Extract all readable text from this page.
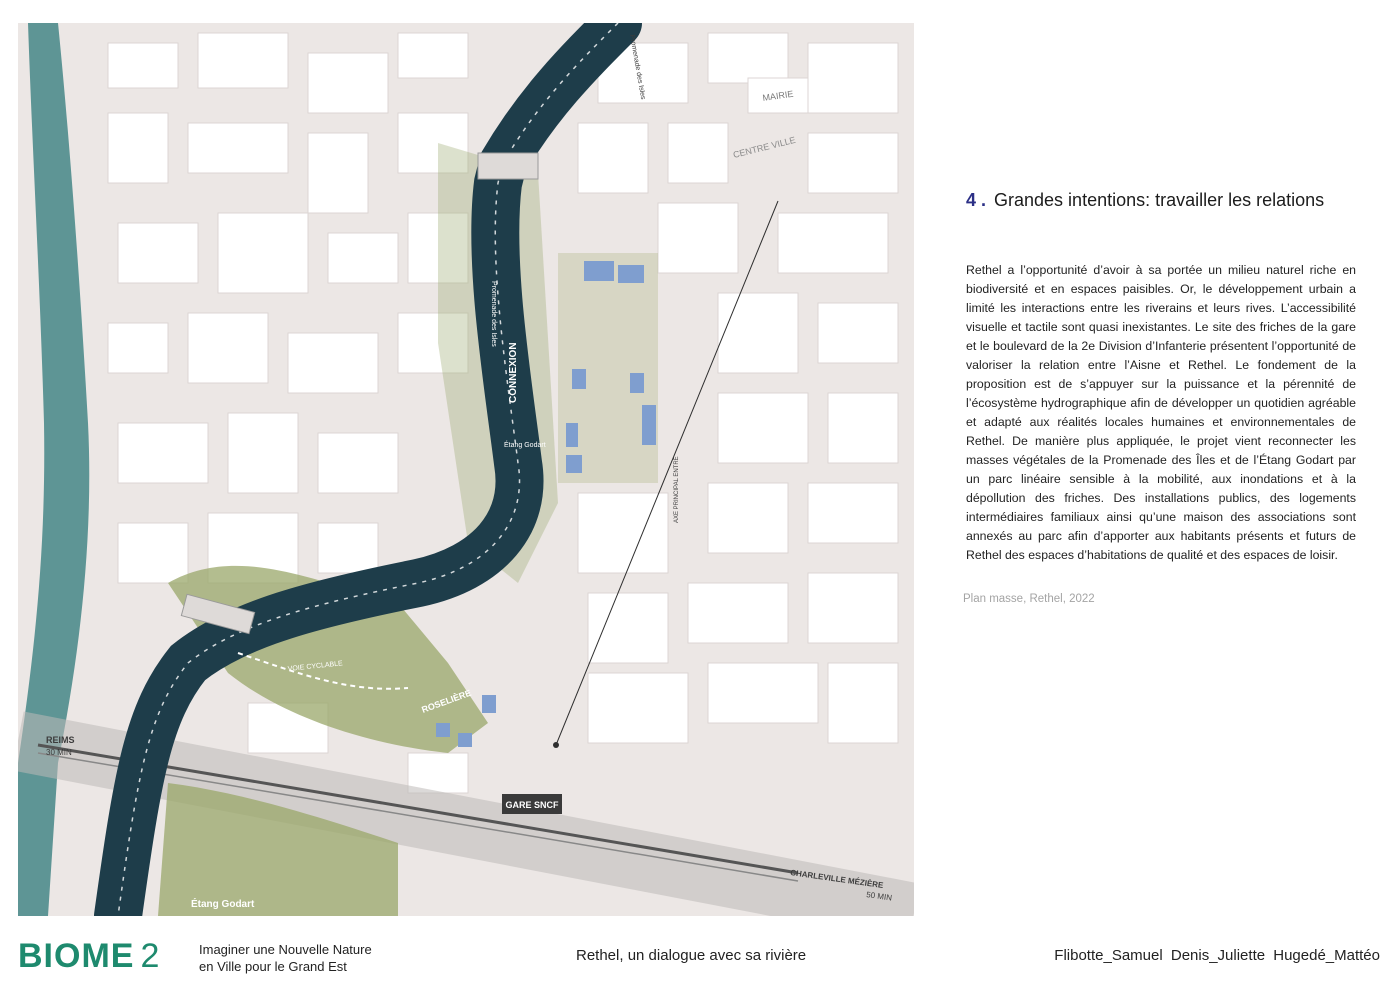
GARE SNCF
Promenade des Isles	MAIRIE
CENTRE VILLE
Promenade des Isles
CONNEXION
Étang Godart
AXE PRINCIPAL ENTRE
ROSELIÈRE
VOIE CYCLABLE
REIMS
30 MIN
CHARLEVILLE MÉZIÈRE
50 MIN
Étang Godart
4 . Grandes intentions: travailler les relations
Rethel a l’opportunité d’avoir à sa portée un milieu naturel riche en biodiversité et en espaces paisibles. Or, le développement urbain a limité les interactions entre les riverains et leurs rives. L’accessibilité visuelle et tactile sont quasi inexistantes. Le site des friches de la gare et le boulevard de la 2e Division d’Infanterie présentent l’opportunité de valoriser la relation entre l’Aisne et Rethel. Le fondement de la proposition est de s’appuyer sur la puissance et la pérennité de l’écosystème hydrographique afin de développer un quotidien agréable et adapté aux réalités locales humaines et environnementales de Rethel. De manière plus appliquée, le projet vient reconnecter les masses végétales de la Promenade des Îles et de l’Étang Godart par un parc linéaire sensible à la mobilité, aux inondations et à la dépollution des friches. Des installations publics, des logements intermédiaires familiaux ainsi qu’une maison des associations sont annexés au parc afin d’apporter aux habitants présents et futurs de Rethel des espaces d’habitations de qualité et des espaces de loisir.
Plan masse, Rethel, 2022
BIOME 2	Imaginer une Nouvelle Nature
en Ville pour le Grand Est
Rethel, un dialogue avec sa rivière	Flibotte_Samuel Denis_Juliette Hugedé_Mattéo
